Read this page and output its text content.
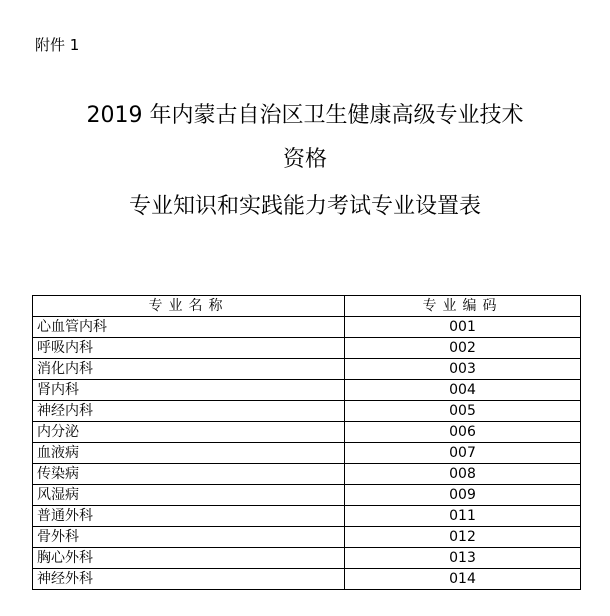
附件 1
2019 年内蒙古自治区卫生健康高级专业技术
资格
专业知识和实践能力考试专业设置表
专业名称	专业编码
心血管内科	001
呼吸内科	002
消化内科	003
肾内科	004
神经内科	005
内分泌	006
血液病	007
传染病	008
风湿病	009
普通外科	011
骨外科	012
胸心外科	013
神经外科	014
